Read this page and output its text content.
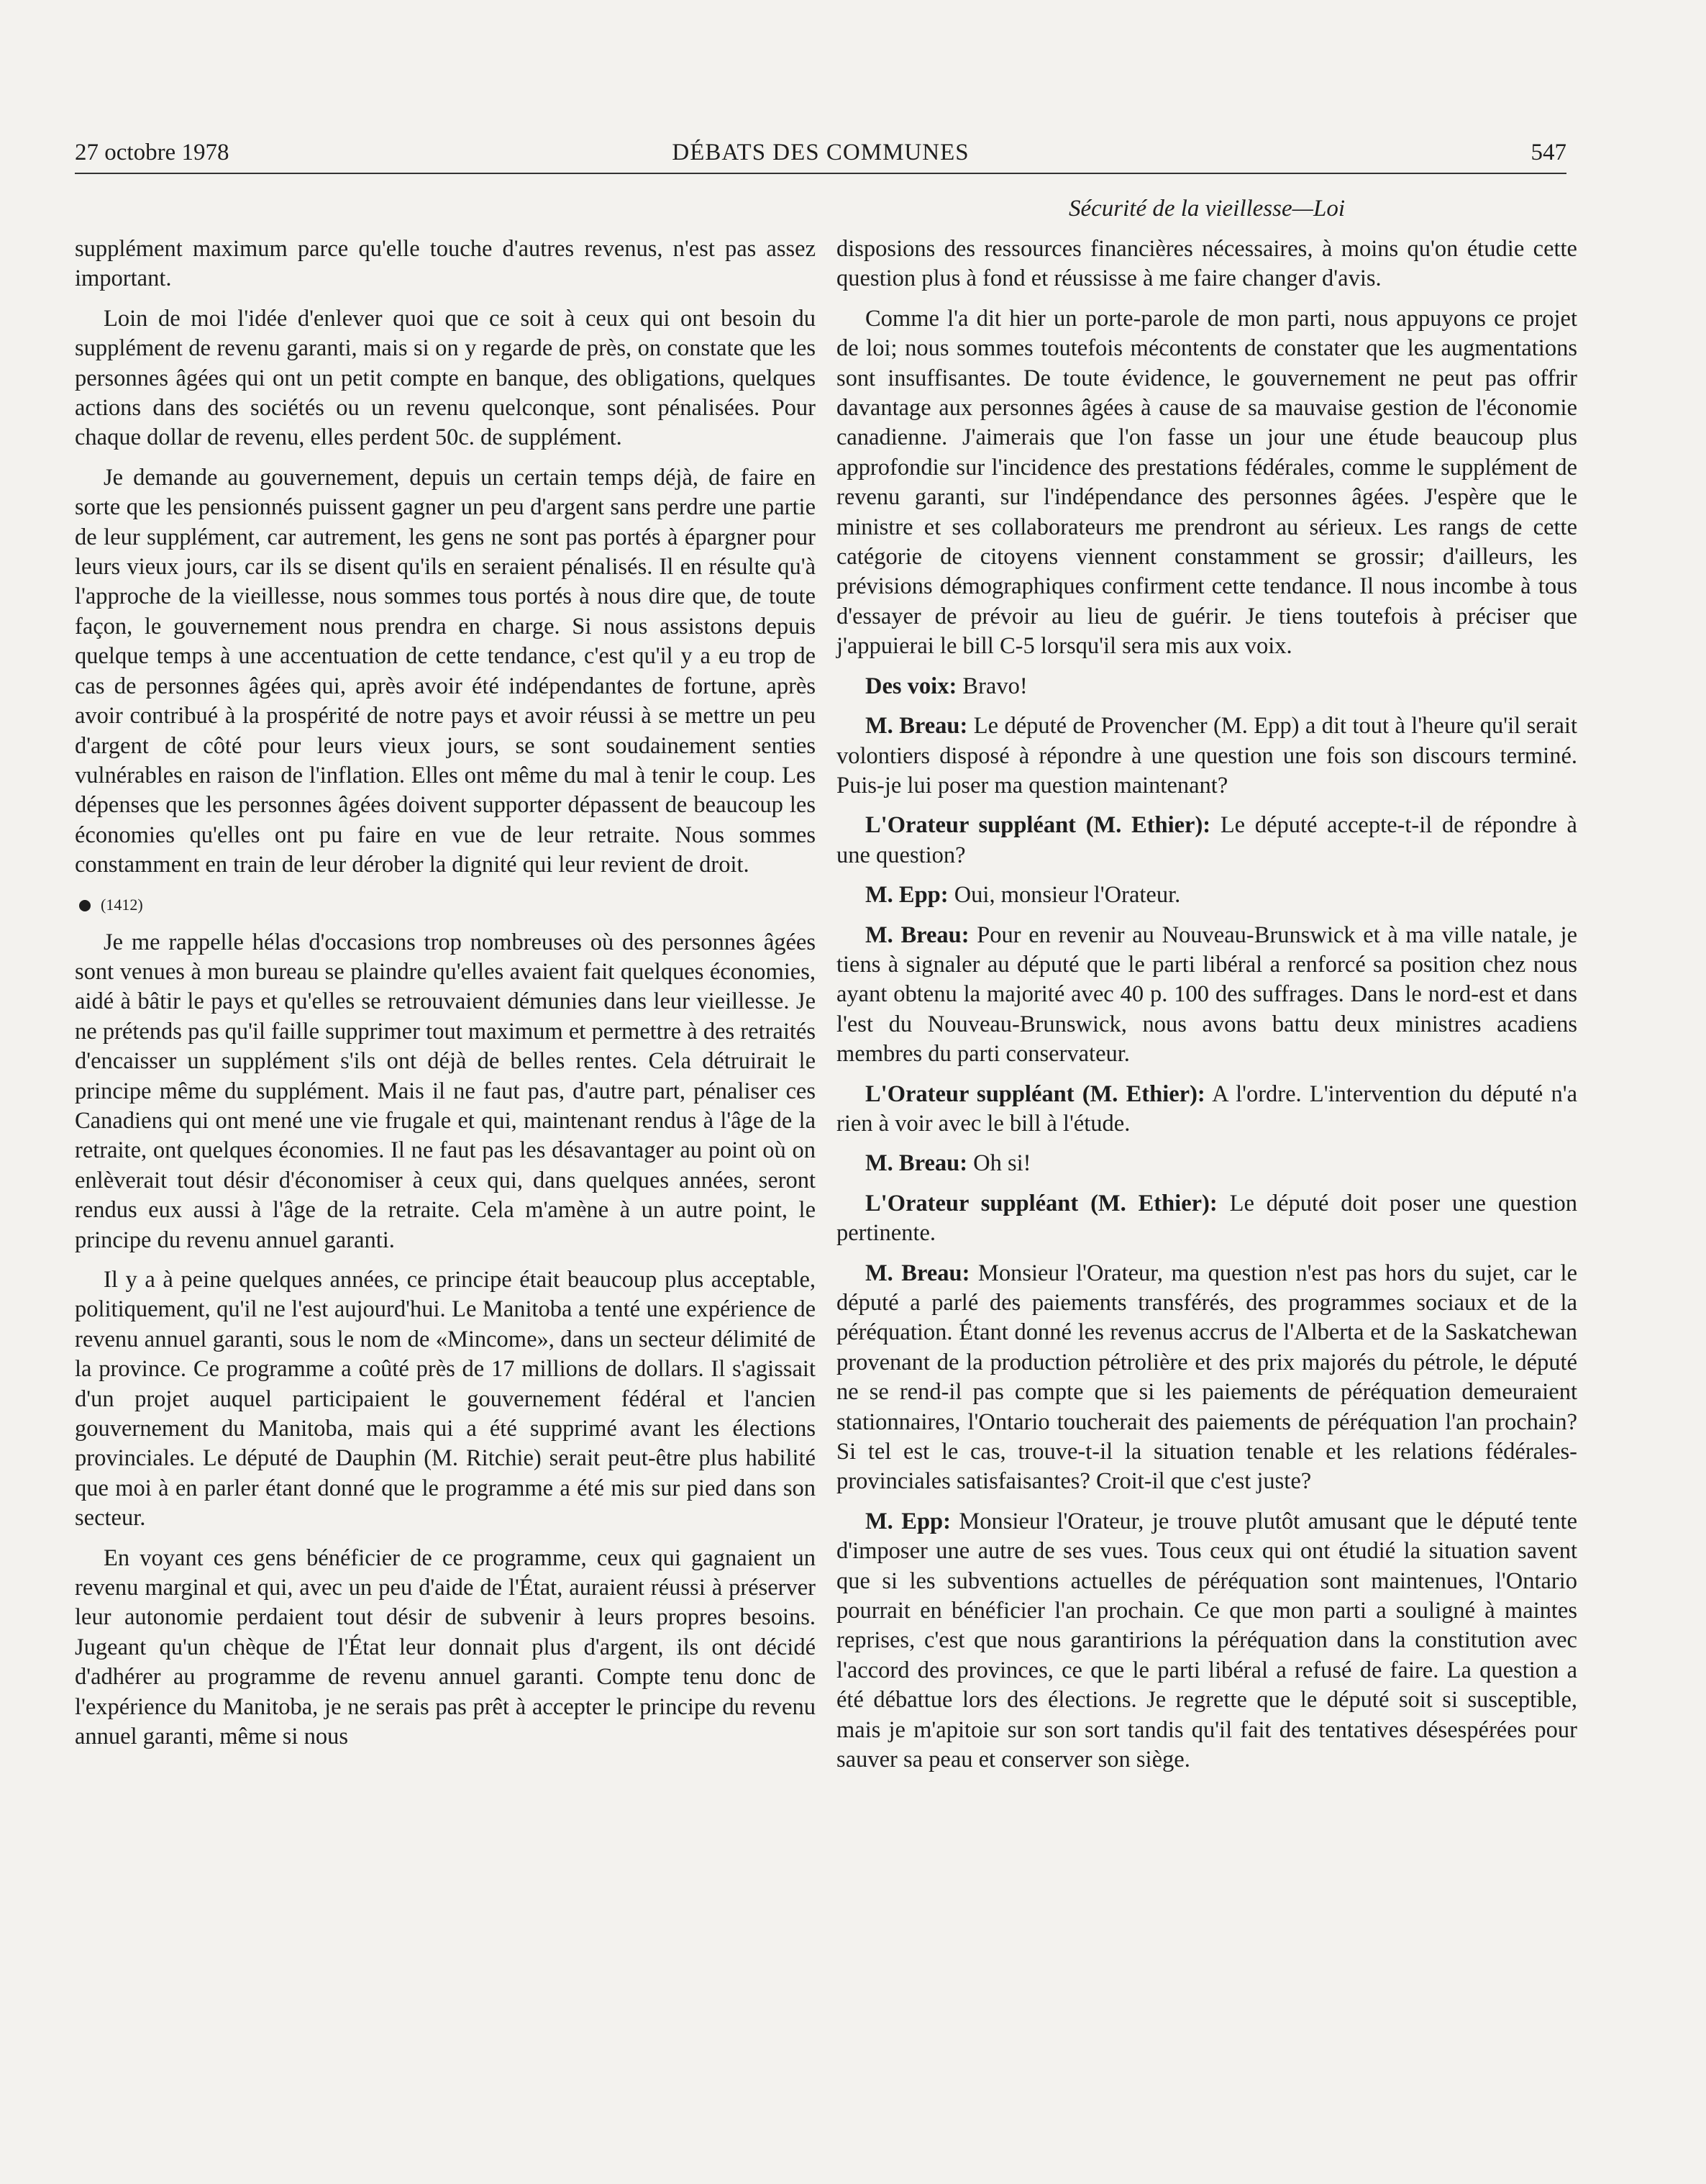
27 octobre 1978	DÉBATS DES COMMUNES	547
Sécurité de la vieillesse—Loi

supplément maximum parce qu'elle touche d'autres revenus, n'est pas assez important.

Loin de moi l'idée d'enlever quoi que ce soit à ceux qui ont besoin du supplément de revenu garanti, mais si on y regarde de près, on constate que les personnes âgées qui ont un petit compte en banque, des obligations, quelques actions dans des sociétés ou un revenu quelconque, sont pénalisées. Pour chaque dollar de revenu, elles perdent 50c. de supplément.

Je demande au gouvernement, depuis un certain temps déjà, de faire en sorte que les pensionnés puissent gagner un peu d'argent sans perdre une partie de leur supplément, car autrement, les gens ne sont pas portés à épargner pour leurs vieux jours, car ils se disent qu'ils en seraient pénalisés. Il en résulte qu'à l'approche de la vieillesse, nous sommes tous portés à nous dire que, de toute façon, le gouvernement nous prendra en charge. Si nous assistons depuis quelque temps à une accentuation de cette tendance, c'est qu'il y a eu trop de cas de personnes âgées qui, après avoir été indépendantes de fortune, après avoir contribué à la prospérité de notre pays et avoir réussi à se mettre un peu d'argent de côté pour leurs vieux jours, se sont soudainement senties vulnérables en raison de l'inflation. Elles ont même du mal à tenir le coup. Les dépenses que les personnes âgées doivent supporter dépassent de beaucoup les économies qu'elles ont pu faire en vue de leur retraite. Nous sommes constamment en train de leur dérober la dignité qui leur revient de droit.

(1412)

Je me rappelle hélas d'occasions trop nombreuses où des personnes âgées sont venues à mon bureau se plaindre qu'elles avaient fait quelques économies, aidé à bâtir le pays et qu'elles se retrouvaient démunies dans leur vieillesse. Je ne prétends pas qu'il faille supprimer tout maximum et permettre à des retraités d'encaisser un supplément s'ils ont déjà de belles rentes. Cela détruirait le principe même du supplément. Mais il ne faut pas, d'autre part, pénaliser ces Canadiens qui ont mené une vie frugale et qui, maintenant rendus à l'âge de la retraite, ont quelques économies. Il ne faut pas les désavantager au point où on enlèverait tout désir d'économiser à ceux qui, dans quelques années, seront rendus eux aussi à l'âge de la retraite. Cela m'amène à un autre point, le principe du revenu annuel garanti.

Il y a à peine quelques années, ce principe était beaucoup plus acceptable, politiquement, qu'il ne l'est aujourd'hui. Le Manitoba a tenté une expérience de revenu annuel garanti, sous le nom de «Mincome», dans un secteur délimité de la province. Ce programme a coûté près de 17 millions de dollars. Il s'agissait d'un projet auquel participaient le gouvernement fédéral et l'ancien gouvernement du Manitoba, mais qui a été supprimé avant les élections provinciales. Le député de Dauphin (M. Ritchie) serait peut-être plus habilité que moi à en parler étant donné que le programme a été mis sur pied dans son secteur.

En voyant ces gens bénéficier de ce programme, ceux qui gagnaient un revenu marginal et qui, avec un peu d'aide de l'État, auraient réussi à préserver leur autonomie perdaient tout désir de subvenir à leurs propres besoins. Jugeant qu'un chèque de l'État leur donnait plus d'argent, ils ont décidé d'adhérer au programme de revenu annuel garanti. Compte tenu donc de l'expérience du Manitoba, je ne serais pas prêt à accepter le principe du revenu annuel garanti, même si nous

disposions des ressources financières nécessaires, à moins qu'on étudie cette question plus à fond et réussisse à me faire changer d'avis.

Comme l'a dit hier un porte-parole de mon parti, nous appuyons ce projet de loi; nous sommes toutefois mécontents de constater que les augmentations sont insuffisantes. De toute évidence, le gouvernement ne peut pas offrir davantage aux personnes âgées à cause de sa mauvaise gestion de l'économie canadienne. J'aimerais que l'on fasse un jour une étude beaucoup plus approfondie sur l'incidence des prestations fédérales, comme le supplément de revenu garanti, sur l'indépendance des personnes âgées. J'espère que le ministre et ses collaborateurs me prendront au sérieux. Les rangs de cette catégorie de citoyens viennent constamment se grossir; d'ailleurs, les prévisions démographiques confirment cette tendance. Il nous incombe à tous d'essayer de prévoir au lieu de guérir. Je tiens toutefois à préciser que j'appuierai le bill C-5 lorsqu'il sera mis aux voix.

Des voix: Bravo!

M. Breau: Le député de Provencher (M. Epp) a dit tout à l'heure qu'il serait volontiers disposé à répondre à une question une fois son discours terminé. Puis-je lui poser ma question maintenant?

L'Orateur suppléant (M. Ethier): Le député accepte-t-il de répondre à une question?

M. Epp: Oui, monsieur l'Orateur.

M. Breau: Pour en revenir au Nouveau-Brunswick et à ma ville natale, je tiens à signaler au député que le parti libéral a renforcé sa position chez nous ayant obtenu la majorité avec 40 p. 100 des suffrages. Dans le nord-est et dans l'est du Nouveau-Brunswick, nous avons battu deux ministres acadiens membres du parti conservateur.

L'Orateur suppléant (M. Ethier): A l'ordre. L'intervention du député n'a rien à voir avec le bill à l'étude.

M. Breau: Oh si!

L'Orateur suppléant (M. Ethier): Le député doit poser une question pertinente.

M. Breau: Monsieur l'Orateur, ma question n'est pas hors du sujet, car le député a parlé des paiements transférés, des programmes sociaux et de la péréquation. Étant donné les revenus accrus de l'Alberta et de la Saskatchewan provenant de la production pétrolière et des prix majorés du pétrole, le député ne se rend-il pas compte que si les paiements de péréquation demeuraient stationnaires, l'Ontario toucherait des paiements de péréquation l'an prochain? Si tel est le cas, trouve-t-il la situation tenable et les relations fédérales-provinciales satisfaisantes? Croit-il que c'est juste?

M. Epp: Monsieur l'Orateur, je trouve plutôt amusant que le député tente d'imposer une autre de ses vues. Tous ceux qui ont étudié la situation savent que si les subventions actuelles de péréquation sont maintenues, l'Ontario pourrait en bénéficier l'an prochain. Ce que mon parti a souligné à maintes reprises, c'est que nous garantirions la péréquation dans la constitution avec l'accord des provinces, ce que le parti libéral a refusé de faire. La question a été débattue lors des élections. Je regrette que le député soit si susceptible, mais je m'apitoie sur son sort tandis qu'il fait des tentatives désespérées pour sauver sa peau et conserver son siège.
